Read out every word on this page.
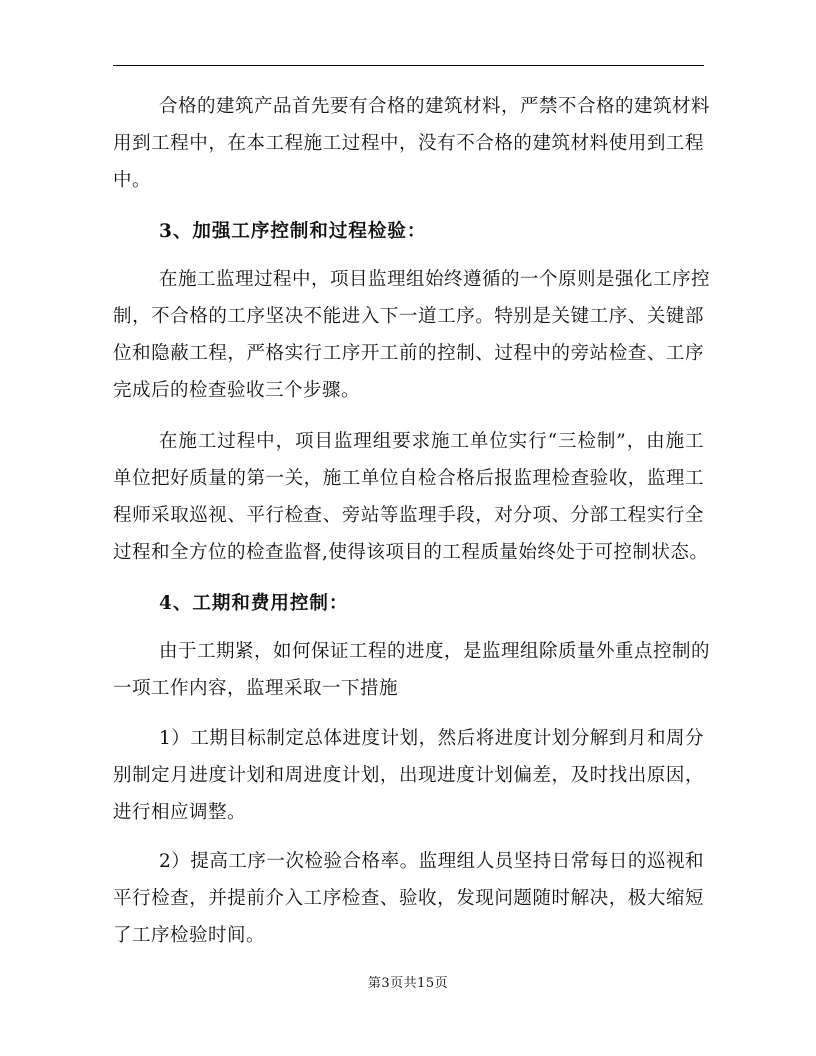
合格的建筑产品首先要有合格的建筑材料，严禁不合格的建筑材料
用到工程中，在本工程施工过程中，没有不合格的建筑材料使用到工程
中。
3、加强工序控制和过程检验：
在施工监理过程中，项目监理组始终遵循的一个原则是强化工序控
制，不合格的工序坚决不能进入下一道工序。特别是关键工序、关键部
位和隐蔽工程，严格实行工序开工前的控制、过程中的旁站检查、工序
完成后的检查验收三个步骤。
在施工过程中，项目监理组要求施工单位实行“三检制”，由施工
单位把好质量的第一关，施工单位自检合格后报监理检查验收，监理工
程师采取巡视、平行检查、旁站等监理手段，对分项、分部工程实行全
过程和全方位的检查监督,使得该项目的工程质量始终处于可控制状态。
4、工期和费用控制：
由于工期紧，如何保证工程的进度，是监理组除质量外重点控制的
一项工作内容，监理采取一下措施
1）工期目标制定总体进度计划，然后将进度计划分解到月和周分
别制定月进度计划和周进度计划，出现进度计划偏差，及时找出原因，
进行相应调整。
2）提高工序一次检验合格率。监理组人员坚持日常每日的巡视和
平行检查，并提前介入工序检查、验收，发现问题随时解决，极大缩短
了工序检验时间。
第3页共15页
